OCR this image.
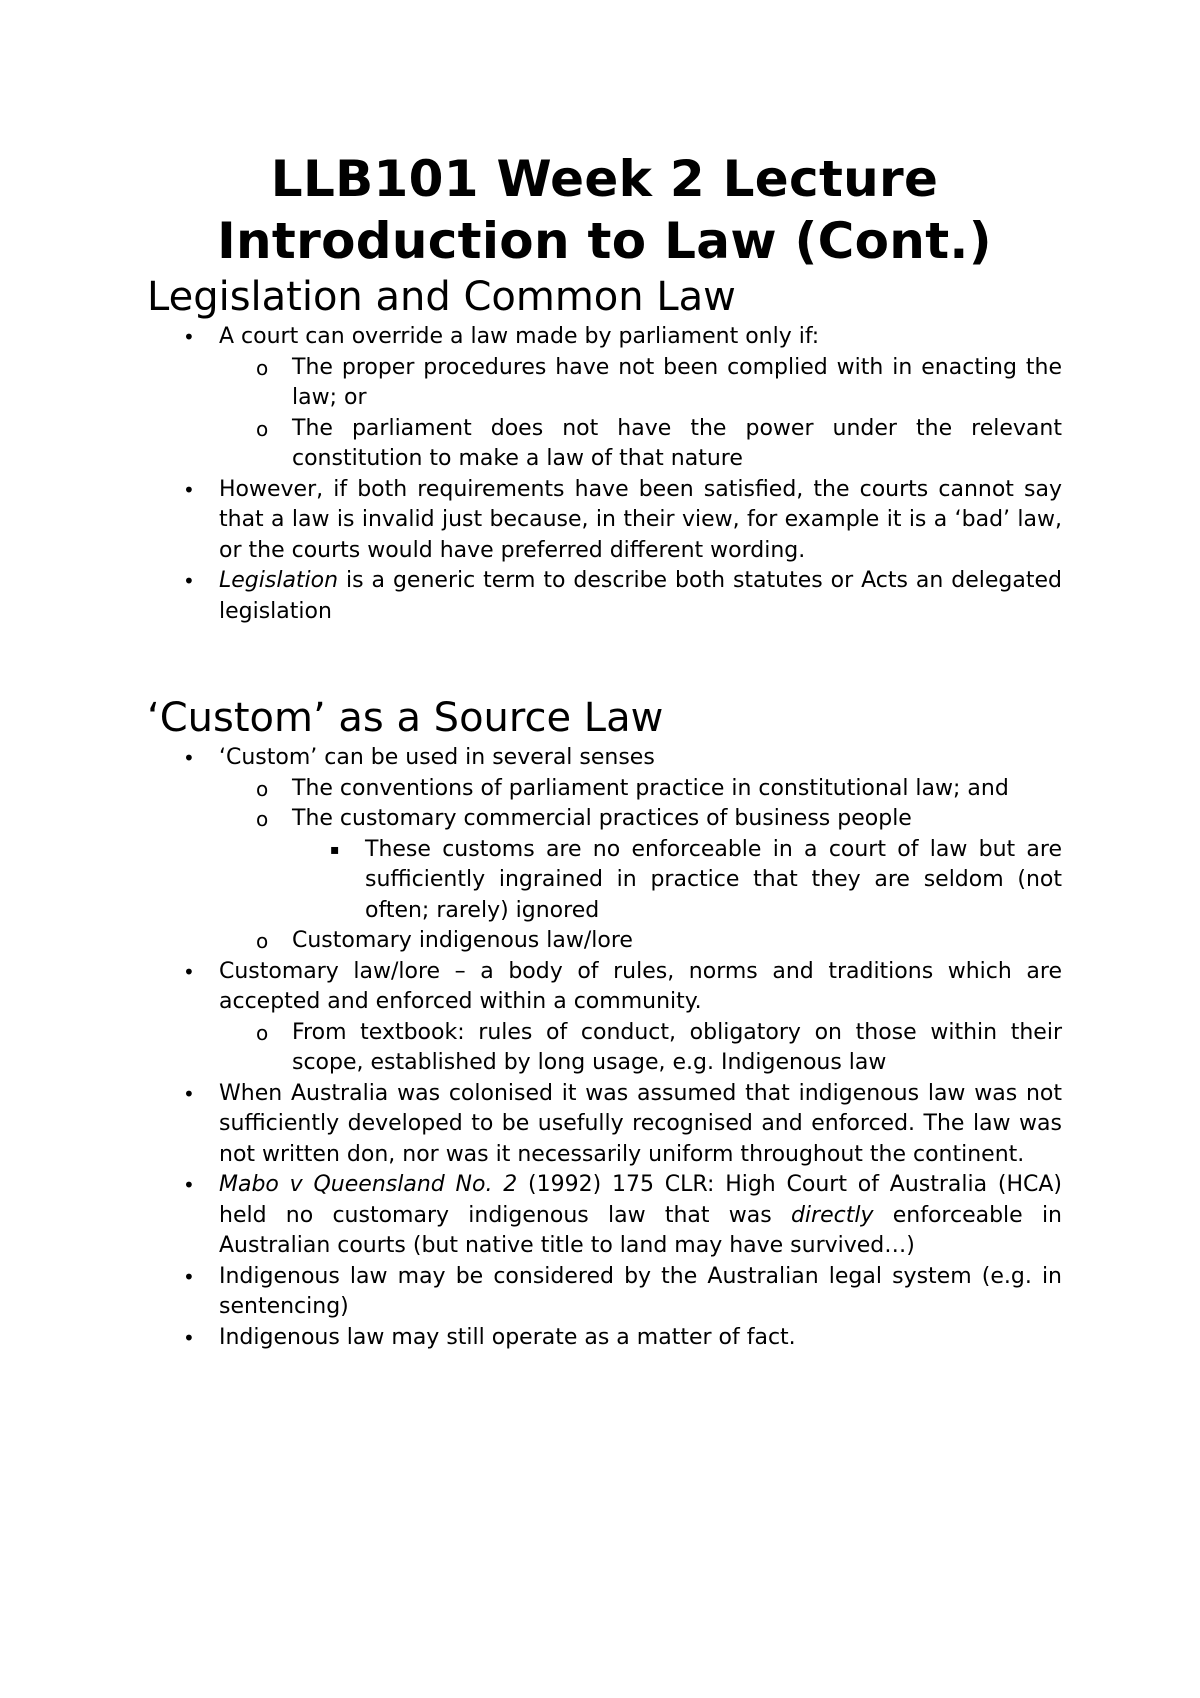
LLB101 Week 2 Lecture
Introduction to Law (Cont.)
Legislation and Common Law
• A court can override a law made by parliament only if:
o The proper procedures have not been complied with in enacting the law; or
o The parliament does not have the power under the relevant constitution to make a law of that nature
• However, if both requirements have been satisfied, the courts cannot say that a law is invalid just because, in their view, for example it is a ‘bad’ law, or the courts would have preferred different wording.
• Legislation is a generic term to describe both statutes or Acts an delegated legislation
‘Custom’ as a Source Law
• ‘Custom’ can be used in several senses
o The conventions of parliament practice in constitutional law; and
o The customary commercial practices of business people
▪ These customs are no enforceable in a court of law but are sufficiently ingrained in practice that they are seldom (not often; rarely) ignored
o Customary indigenous law/lore
• Customary law/lore – a body of rules, norms and traditions which are accepted and enforced within a community.
o From textbook: rules of conduct, obligatory on those within their scope, established by long usage, e.g. Indigenous law
• When Australia was colonised it was assumed that indigenous law was not sufficiently developed to be usefully recognised and enforced. The law was not written don, nor was it necessarily uniform throughout the continent.
• Mabo v Queensland No. 2 (1992) 175 CLR: High Court of Australia (HCA) held no customary indigenous law that was directly enforceable in Australian courts (but native title to land may have survived…)
• Indigenous law may be considered by the Australian legal system (e.g. in sentencing)
• Indigenous law may still operate as a matter of fact.
